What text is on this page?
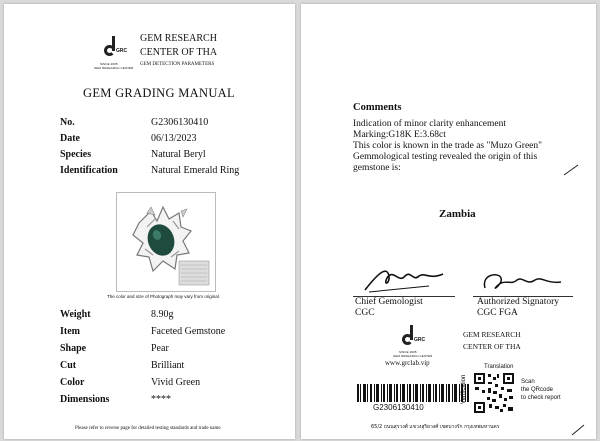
GRC
SINCE 2005
GEM RESEARCH CENTER
GEM RESEARCH
CENTER OF THA
GEM DETECTION PARAMETERS
GEM GRADING MANUAL
No.	G2306130410
Date	06/13/2023
Species	Natural Beryl
Identification	Natural Emerald Ring
The color and size of Photograph may vary from original.
Weight	8.90g
Item	Faceted Gemstone
Shape	Pear
Cut	Brilliant
Color	Vivid Green
Dimensions	****
Please refer to reverse page for detailed testing standards and trade name
Comments
Indication of minor clarity enhancement
Marking:G18K E:3.68ct
This color is known in the trade as "Muzo Green"
Gemmological testing revealed the origin of this
gemstone is:
Zambia
Chief Gemologist
CGC
Authorized Signatory
CGC FGA
GRC
SINCE 2005
GEM RESEARCH CENTER
www.grclab.vip
GEM RESEARCH
CENTER OF THA
G2306130410
Translation
Verification	Scan
the QRcode
to check report
65/2 ถนนสุรวงศ์ แขวงสุริยวงศ์ เขตบางรัก กรุงเทพมหานคร
